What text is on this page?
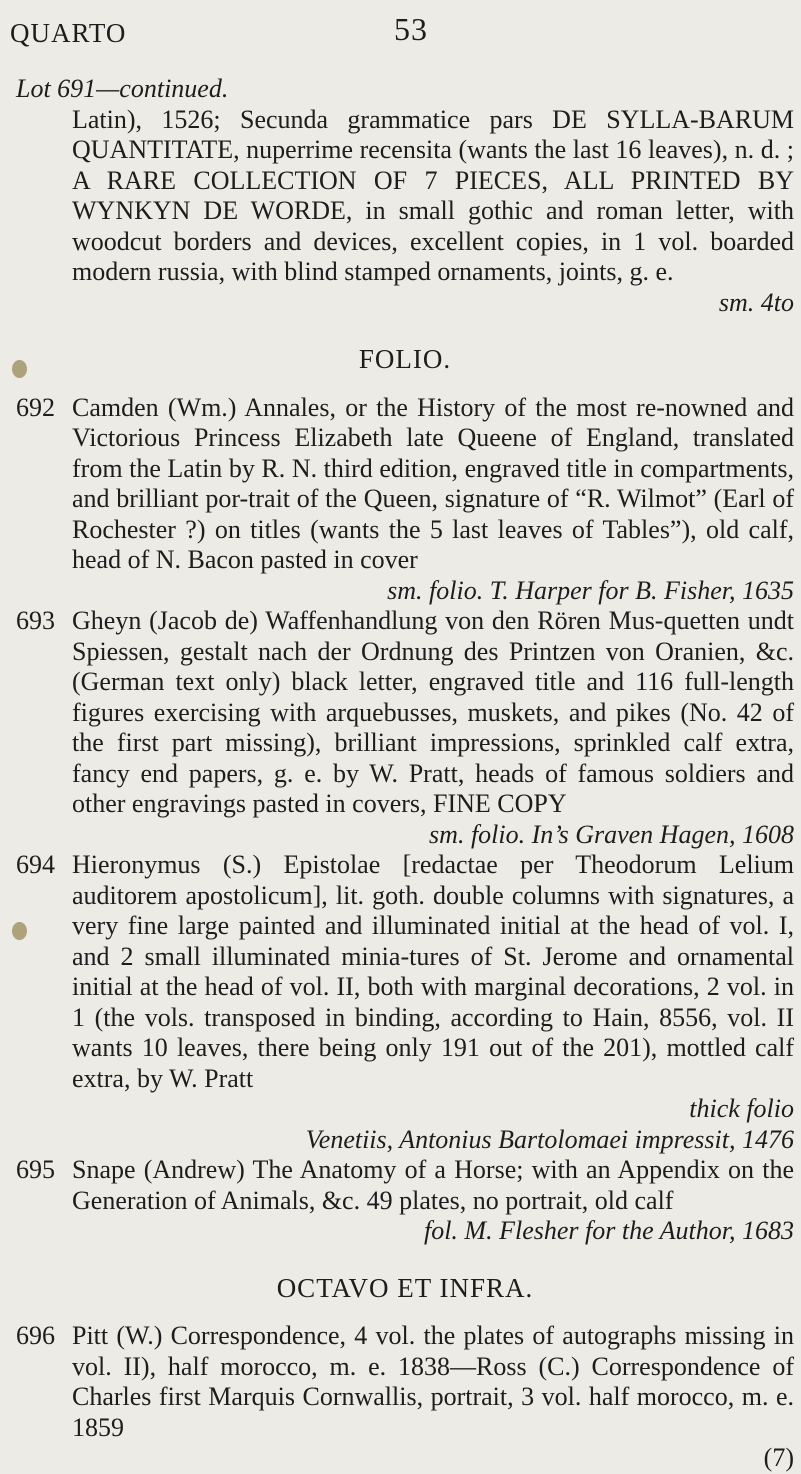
QUARTO	53
Lot 691—continued.
Latin), 1526; Secunda grammatice pars DE SYLLA-BARUM QUANTITATE, nuperrime recensita (wants the last 16 leaves), n. d. ; A RARE COLLECTION OF 7 PIECES, ALL PRINTED BY WYNKYN DE WORDE, in small gothic and roman letter, with woodcut borders and devices, excellent copies, in 1 vol. boarded modern russia, with blind stamped ornaments, joints, g. e.
sm. 4to
FOLIO.
692 Camden (Wm.) Annales, or the History of the most re-nowned and Victorious Princess Elizabeth late Queene of England, translated from the Latin by R. N. third edition, engraved title in compartments, and brilliant por-trait of the Queen, signature of “R. Wilmot” (Earl of Rochester ?) on titles (wants the 5 last leaves of Tables”), old calf, head of N. Bacon pasted in cover
sm. folio. T. Harper for B. Fisher, 1635
693 Gheyn (Jacob de) Waffenhandlung von den Rören Mus-quetten undt Spiessen, gestalt nach der Ordnung des Printzen von Oranien, &c. (German text only) black letter, engraved title and 116 full-length figures exercising with arquebusses, muskets, and pikes (No. 42 of the first part missing), brilliant impressions, sprinkled calf extra, fancy end papers, g. e. by W. Pratt, heads of famous soldiers and other engravings pasted in covers, FINE COPY
sm. folio. In’s Graven Hagen, 1608
694 Hieronymus (S.) Epistolae [redactae per Theodorum Lelium auditorem apostolicum], lit. goth. double columns with signatures, a very fine large painted and illuminated initial at the head of vol. I, and 2 small illuminated minia-tures of St. Jerome and ornamental initial at the head of vol. II, both with marginal decorations, 2 vol. in 1 (the vols. transposed in binding, according to Hain, 8556, vol. II wants 10 leaves, there being only 191 out of the 201), mottled calf extra, by W. Pratt
thick folio
Venetiis, Antonius Bartolomaei impressit, 1476
695 Snape (Andrew) The Anatomy of a Horse; with an Appendix on the Generation of Animals, &c. 49 plates, no portrait, old calf
fol. M. Flesher for the Author, 1683
OCTAVO ET INFRA.
696 Pitt (W.) Correspondence, 4 vol. the plates of autographs missing in vol. II), half morocco, m. e. 1838—Ross (C.) Correspondence of Charles first Marquis Cornwallis, portrait, 3 vol. half morocco, m. e. 1859
(7)
